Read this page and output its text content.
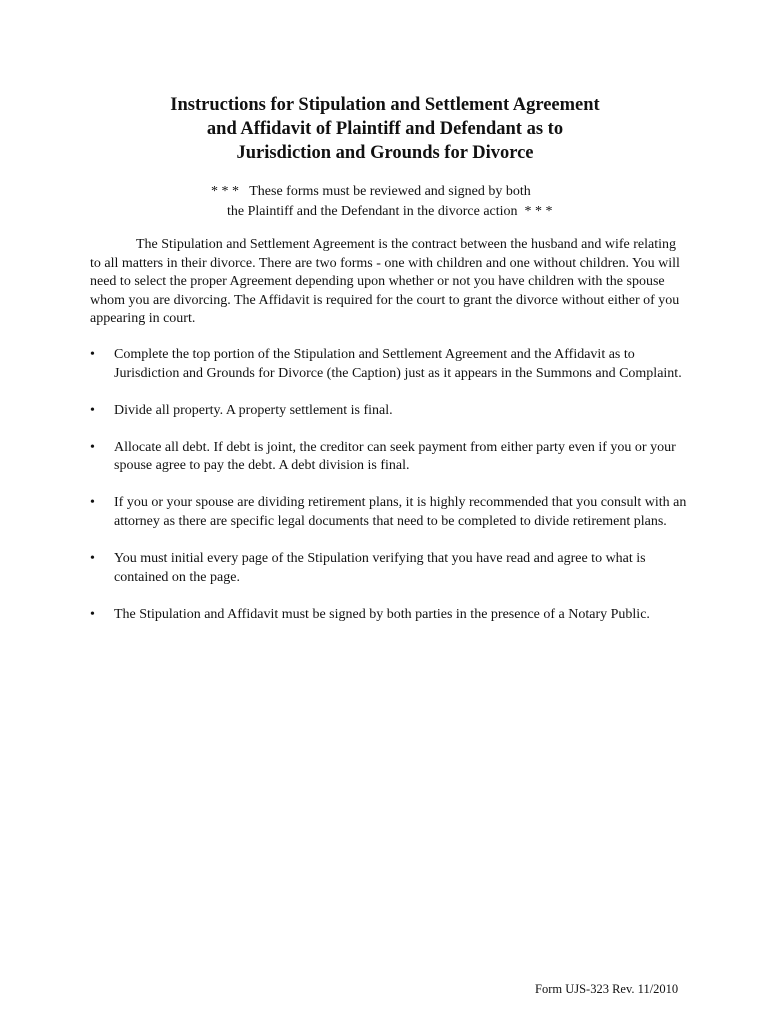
Instructions for Stipulation and Settlement Agreement
and Affidavit of Plaintiff and Defendant as to
Jurisdiction and Grounds for Divorce
* * *   These forms must be reviewed and signed by both
the Plaintiff and the Defendant in the divorce action  * * *

The Stipulation and Settlement Agreement is the contract between the husband and wife relating to all matters in their divorce. There are two forms - one with children and one without children. You will need to select the proper Agreement depending upon whether or not you have children with the spouse whom you are divorcing. The Affidavit is required for the court to grant the divorce without either of you appearing in court.

•	Complete the top portion of the Stipulation and Settlement Agreement and the Affidavit as to Jurisdiction and Grounds for Divorce (the Caption) just as it appears in the Summons and Complaint.
•	Divide all property. A property settlement is final.
•	Allocate all debt. If debt is joint, the creditor can seek payment from either party even if you or your spouse agree to pay the debt. A debt division is final.
•	If you or your spouse are dividing retirement plans, it is highly recommended that you consult with an attorney as there are specific legal documents that need to be completed to divide retirement plans.
•	You must initial every page of the Stipulation verifying that you have read and agree to what is contained on the page.
•	The Stipulation and Affidavit must be signed by both parties in the presence of a Notary Public.
Form UJS-323 Rev. 11/2010
